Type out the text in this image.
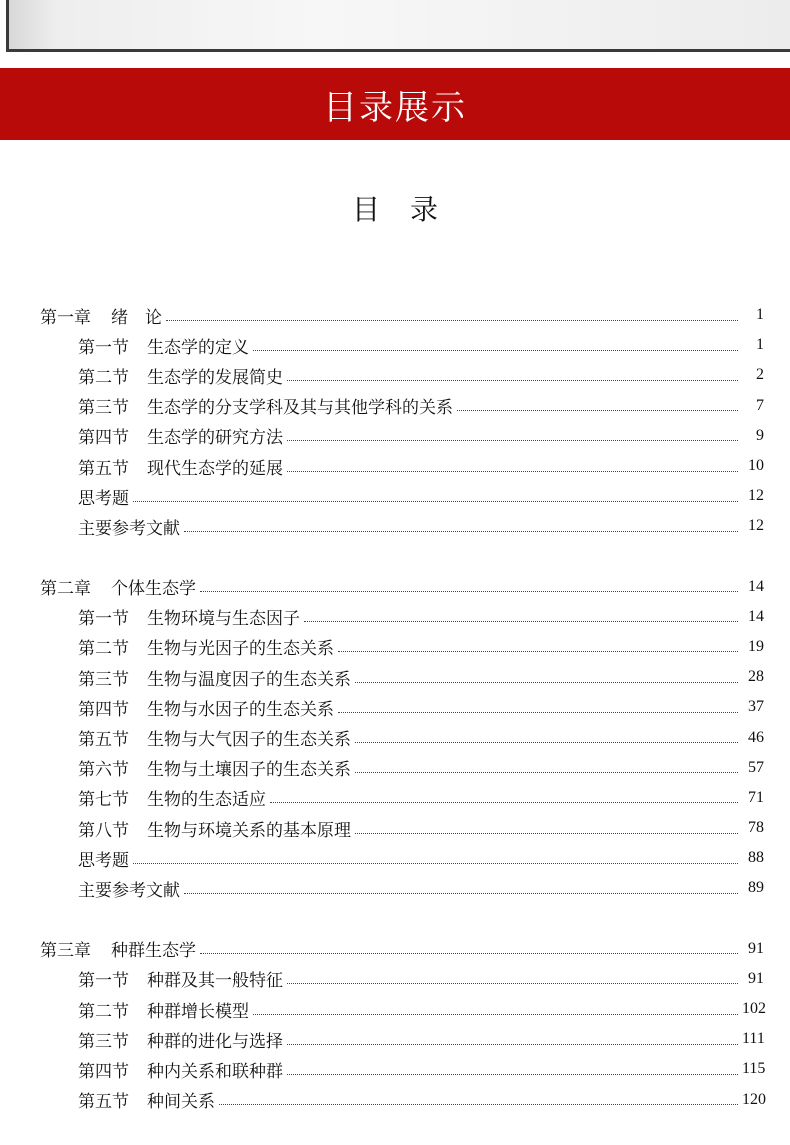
目录展示
目录
第一章 绪　论	1
第一节 生态学的定义	1
第二节 生态学的发展简史	2
第三节 生态学的分支学科及其与其他学科的关系	7
第四节 生态学的研究方法	9
第五节 现代生态学的延展	10
思考题	12
主要参考文献	12
第二章 个体生态学	14
第一节 生物环境与生态因子	14
第二节 生物与光因子的生态关系	19
第三节 生物与温度因子的生态关系	28
第四节 生物与水因子的生态关系	37
第五节 生物与大气因子的生态关系	46
第六节 生物与土壤因子的生态关系	57
第七节 生物的生态适应	71
第八节 生物与环境关系的基本原理	78
思考题	88
主要参考文献	89
第三章 种群生态学	91
第一节 种群及其一般特征	91
第二节 种群增长模型	102
第三节 种群的进化与选择	111
第四节 种内关系和联种群	115
第五节 种间关系	120
